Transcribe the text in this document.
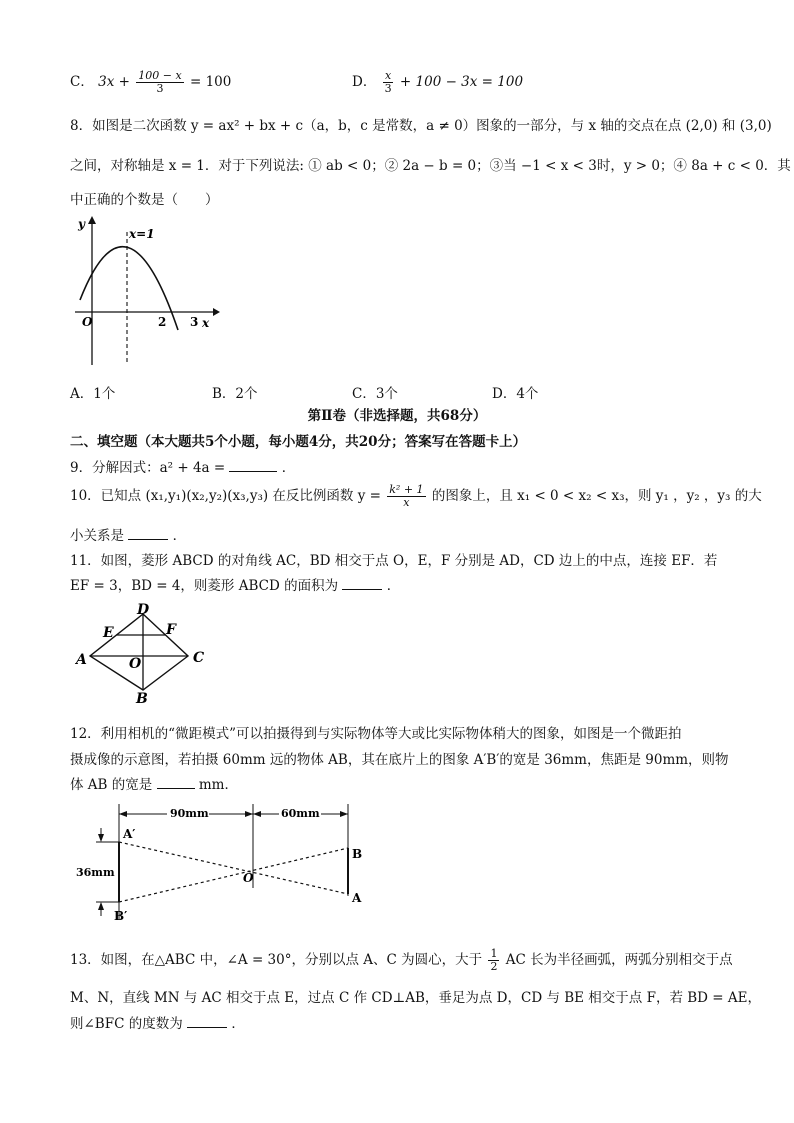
C． $3x + \frac{100 - x}{3} = 100$	D． $\frac{x}{3} + 100 - 3x = 100$
8．如图是二次函数 y = ax² + bx + c（a，b，c 是常数，a ≠ 0）图象的一部分，与 x 轴的交点在点 (2,0) 和 (3,0)
之间，对称轴是 x = 1．对于下列说法: ① ab < 0；② 2a − b = 0；③当 −1 < x < 3时，y > 0；④ 8a + c < 0．其
中正确的个数是（　　）
y
x
O
x=1
2 3
A．1个	B．2个	C．3个	D．4个
第Ⅱ卷（非选择题，共68分）
二、填空题（本大题共5个小题，每小题4分，共20分；答案写在答题卡上）
9．分解因式：a² + 4a =	．
10．已知点 (x₁,y₁)(x₂,y₂)(x₃,y₃) 在反比例函数 $y = \frac{\text{k² + 1}}{x}$ 的图象上，且 x₁ < 0 < x₂ < x₃，则 y₁ ，y₂ ，y₃ 的大
小关系是	．
11．如图，菱形 ABCD 的对角线 AC，BD 相交于点 O，E，F 分别是 AD，CD 边上的中点，连接 EF．若
EF = 3，BD = 4，则菱形 ABCD 的面积为	．
A
B
C
D
E	F
O
12．利用相机的“微距模式”可以拍摄得到与实际物体等大或比实际物体稍大的图象，如图是一个微距拍
摄成像的示意图，若拍摄 60mm 远的物体 AB，其在底片上的图象 A′B′的宽是 36mm，焦距是 90mm，则物
体 AB 的宽是	mm．
90mm	60mm
36mm
A′
B′
O
B
A
13．如图，在△ABC 中，∠A = 30°，分别以点 A、C 为圆心，大于 $\frac{1}{2}$ AC 长为半径画弧，两弧分别相交于点
M、N，直线 MN 与 AC 相交于点 E，过点 C 作 CD⊥AB，垂足为点 D，CD 与 BE 相交于点 F，若 BD = AE，
则∠BFC 的度数为	．
